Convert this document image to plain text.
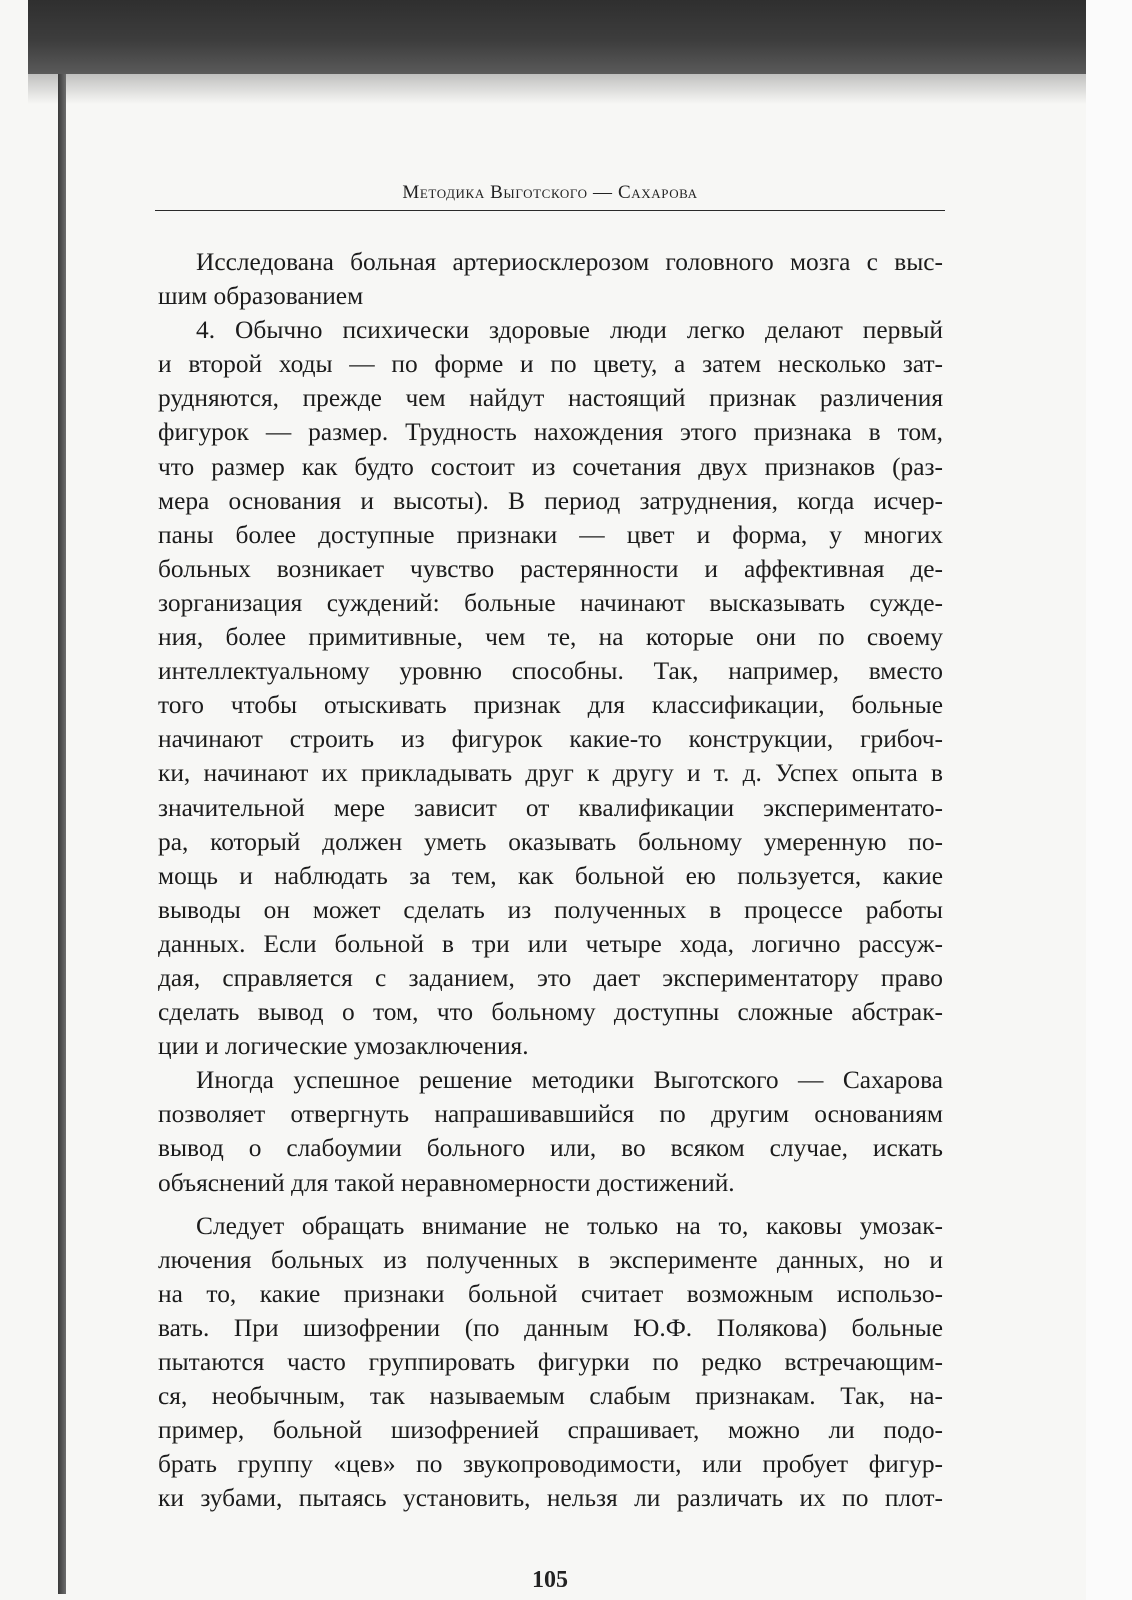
Методика Выготского — Сахарова
Исследована больная артериосклерозом головного мозга с выс-
шим образованием
4. Обычно психически здоровые люди легко делают первый
и второй ходы — по форме и по цвету, а затем несколько зат-
рудняются, прежде чем найдут настоящий признак различения
фигурок — размер. Трудность нахождения этого признака в том,
что размер как будто состоит из сочетания двух признаков (раз-
мера основания и высоты). В период затруднения, когда исчер-
паны более доступные признаки — цвет и форма, у многих
больных возникает чувство растерянности и аффективная де-
зорганизация суждений: больные начинают высказывать сужде-
ния, более примитивные, чем те, на которые они по своему
интеллектуальному уровню способны. Так, например, вместо
того чтобы отыскивать признак для классификации, больные
начинают строить из фигурок какие-то конструкции, грибоч-
ки, начинают их прикладывать друг к другу и т. д. Успех опыта в
значительной мере зависит от квалификации экспериментато-
ра, который должен уметь оказывать больному умеренную по-
мощь и наблюдать за тем, как больной ею пользуется, какие
выводы он может сделать из полученных в процессе работы
данных. Если больной в три или четыре хода, логично рассуж-
дая, справляется с заданием, это дает экспериментатору право
сделать вывод о том, что больному доступны сложные абстрак-
ции и логические умозаключения.
Иногда успешное решение методики Выготского — Сахарова
позволяет отвергнуть напрашивавшийся по другим основаниям
вывод о слабоумии больного или, во всяком случае, искать
объяснений для такой неравномерности достижений.
Следует обращать внимание не только на то, каковы умозак-
лючения больных из полученных в эксперименте данных, но и
на то, какие признаки больной считает возможным использо-
вать. При шизофрении (по данным Ю.Ф. Полякова) больные
пытаются часто группировать фигурки по редко встречающим-
ся, необычным, так называемым слабым признакам. Так, на-
пример, больной шизофренией спрашивает, можно ли подо-
брать группу «цев» по звукопроводимости, или пробует фигур-
ки зубами, пытаясь установить, нельзя ли различать их по плот-
105
